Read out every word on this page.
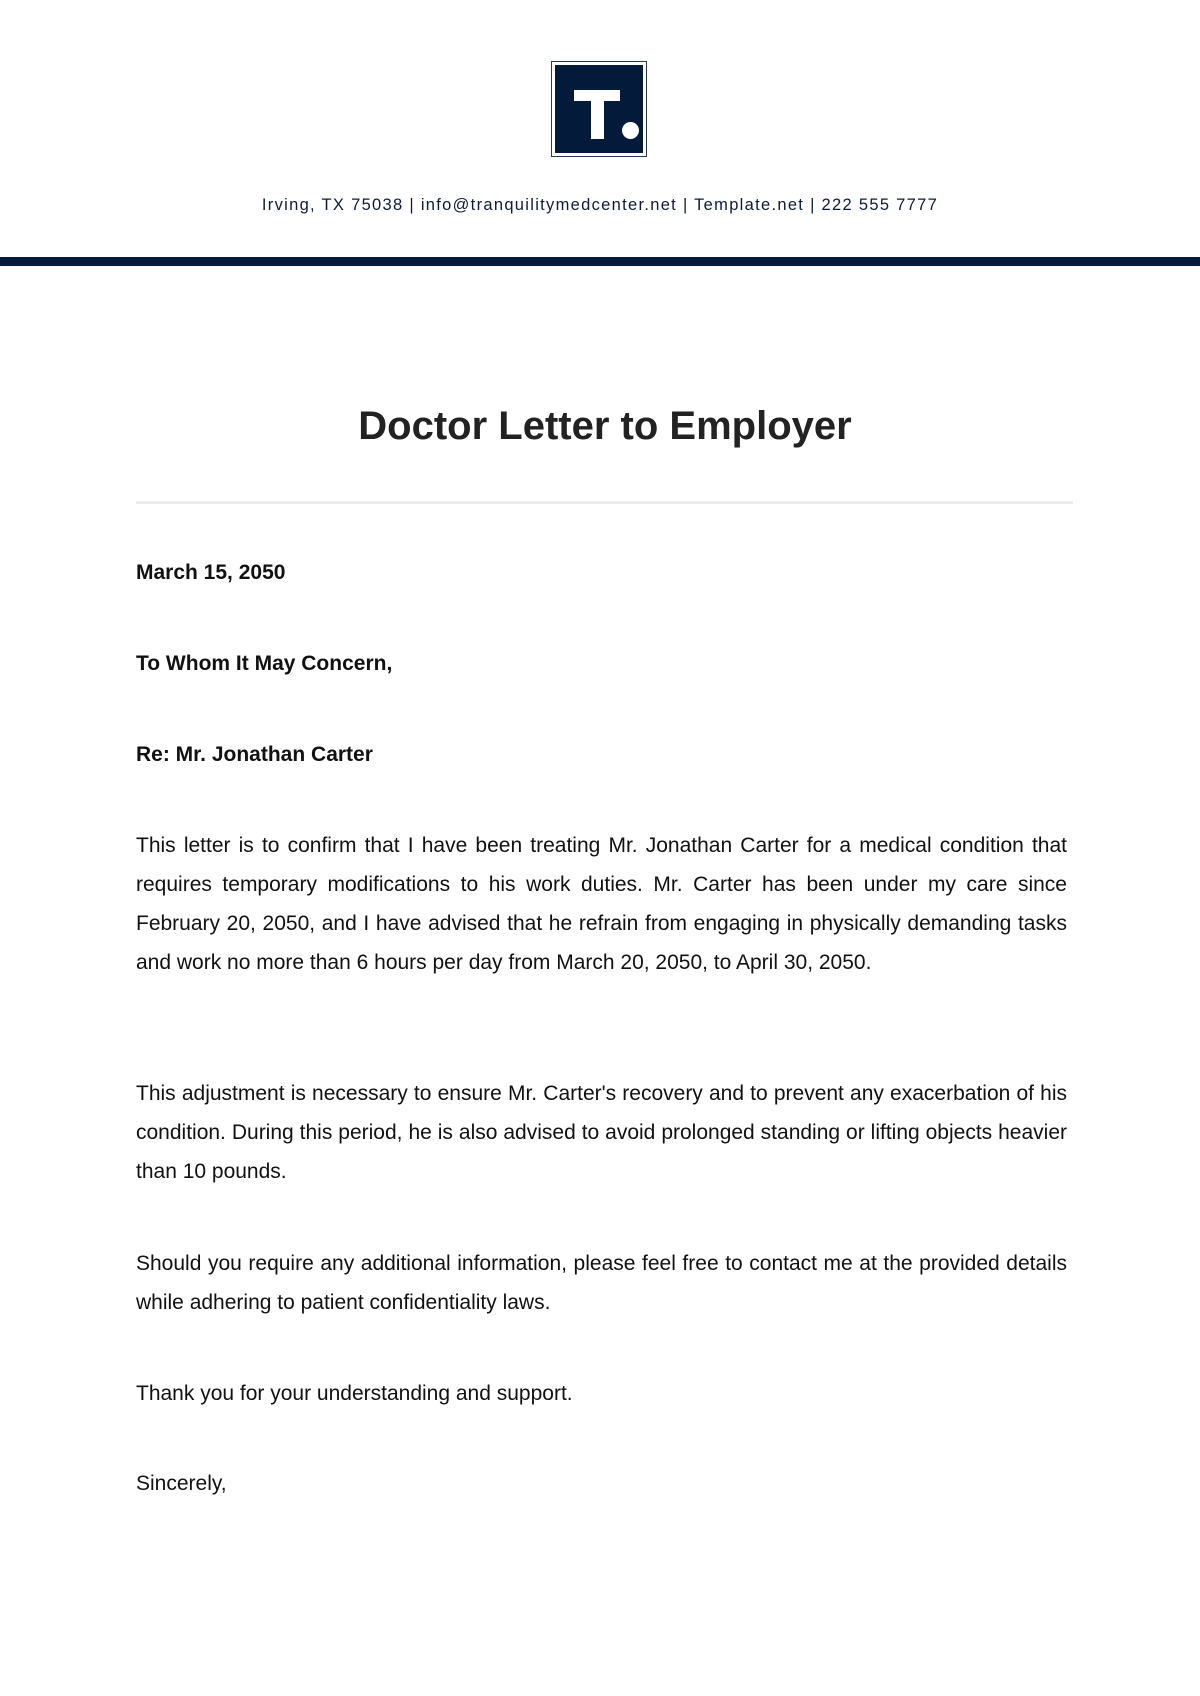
Irving, TX 75038 | info@tranquilitymedcenter.net | Template.net | 222 555 7777
Doctor Letter to Employer
March 15, 2050
To Whom It May Concern,
Re: Mr. Jonathan Carter
This letter is to confirm that I have been treating Mr. Jonathan Carter for a medical condition that requires temporary modifications to his work duties. Mr. Carter has been under my care since February 20, 2050, and I have advised that he refrain from engaging in physically demanding tasks and work no more than 6 hours per day from March 20, 2050, to April 30, 2050.
This adjustment is necessary to ensure Mr. Carter's recovery and to prevent any exacerbation of his condition. During this period, he is also advised to avoid prolonged standing or lifting objects heavier than 10 pounds.
Should you require any additional information, please feel free to contact me at the provided details while adhering to patient confidentiality laws.
Thank you for your understanding and support.
Sincerely,
